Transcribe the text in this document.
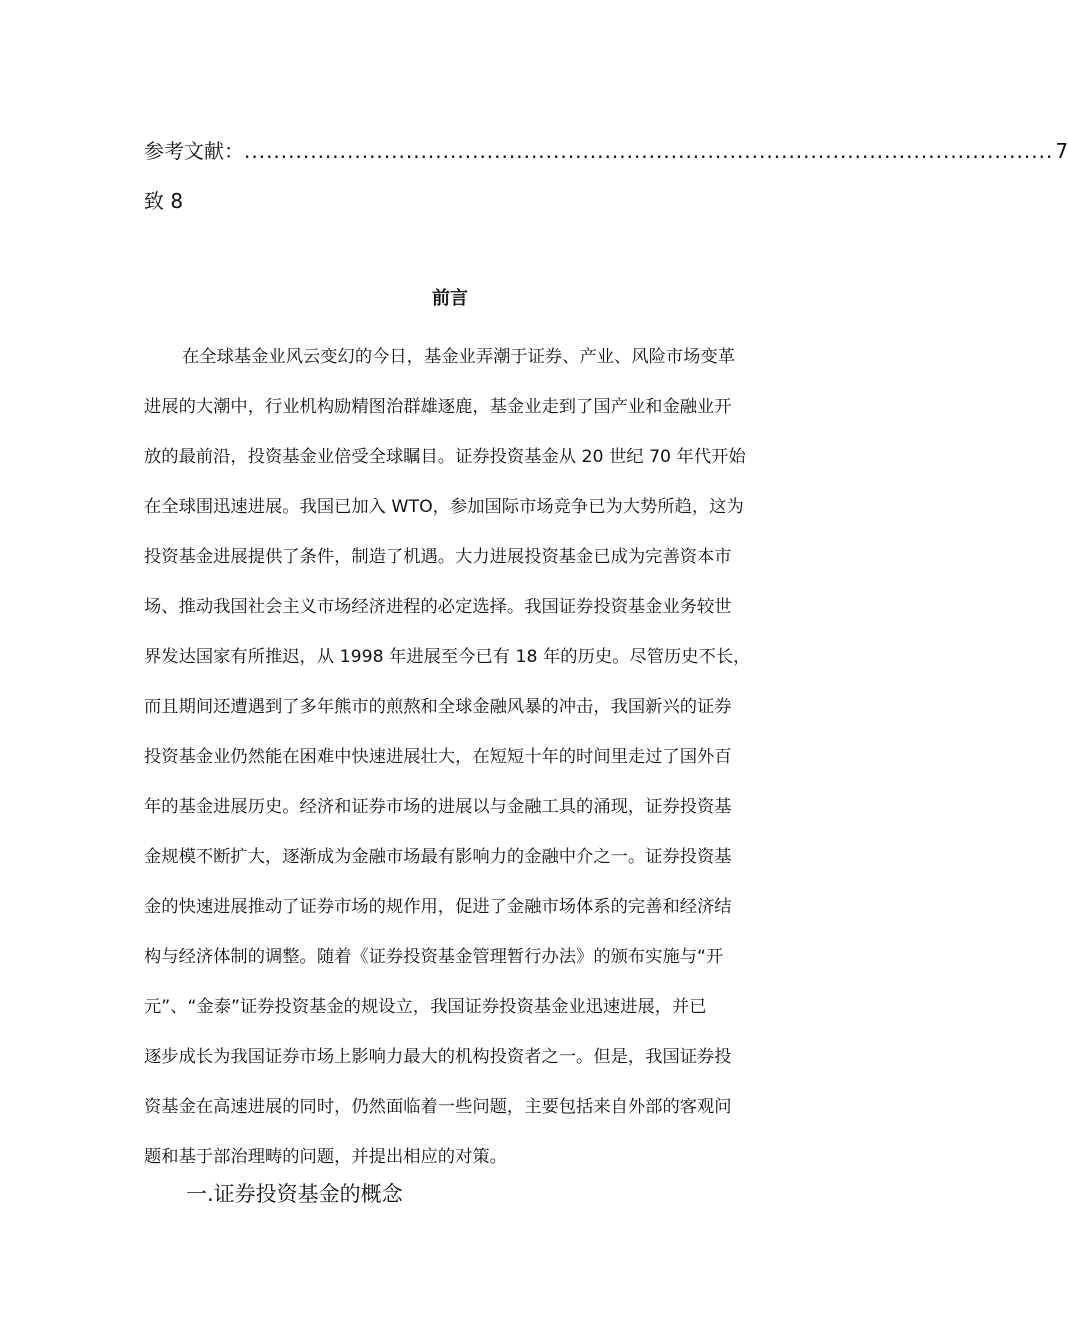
参考文献： .............................................................................................................. 7
致 8
前言
在全球基金业风云变幻的今日，基金业弄潮于证券、产业、风险市场变革
进展的大潮中，行业机构励精图治群雄逐鹿，基金业走到了国产业和金融业开
放的最前沿，投资基金业倍受全球瞩目。证券投资基金从 20 世纪 70 年代开始
在全球围迅速进展。我国已加入 WTO，参加国际市场竞争已为大势所趋，这为
投资基金进展提供了条件，制造了机遇。大力进展投资基金已成为完善资本市
场、推动我国社会主义市场经济进程的必定选择。我国证券投资基金业务较世
界发达国家有所推迟，从 1998 年进展至今已有 18 年的历史。尽管历史不长，
而且期间还遭遇到了多年熊市的煎熬和全球金融风暴的冲击，我国新兴的证券
投资基金业仍然能在困难中快速进展壮大，在短短十年的时间里走过了国外百
年的基金进展历史。经济和证券市场的进展以与金融工具的涌现，证券投资基
金规模不断扩大，逐渐成为金融市场最有影响力的金融中介之一。证券投资基
金的快速进展推动了证券市场的规作用，促进了金融市场体系的完善和经济结
构与经济体制的调整。随着《证券投资基金管理暂行办法》的颁布实施与“开
元”、“金泰”证券投资基金的规设立，我国证券投资基金业迅速进展，并已
逐步成长为我国证券市场上影响力最大的机构投资者之一。但是，我国证券投
资基金在高速进展的同时，仍然面临着一些问题，主要包括来自外部的客观问
题和基于部治理畴的问题，并提出相应的对策。
一.证券投资基金的概念
